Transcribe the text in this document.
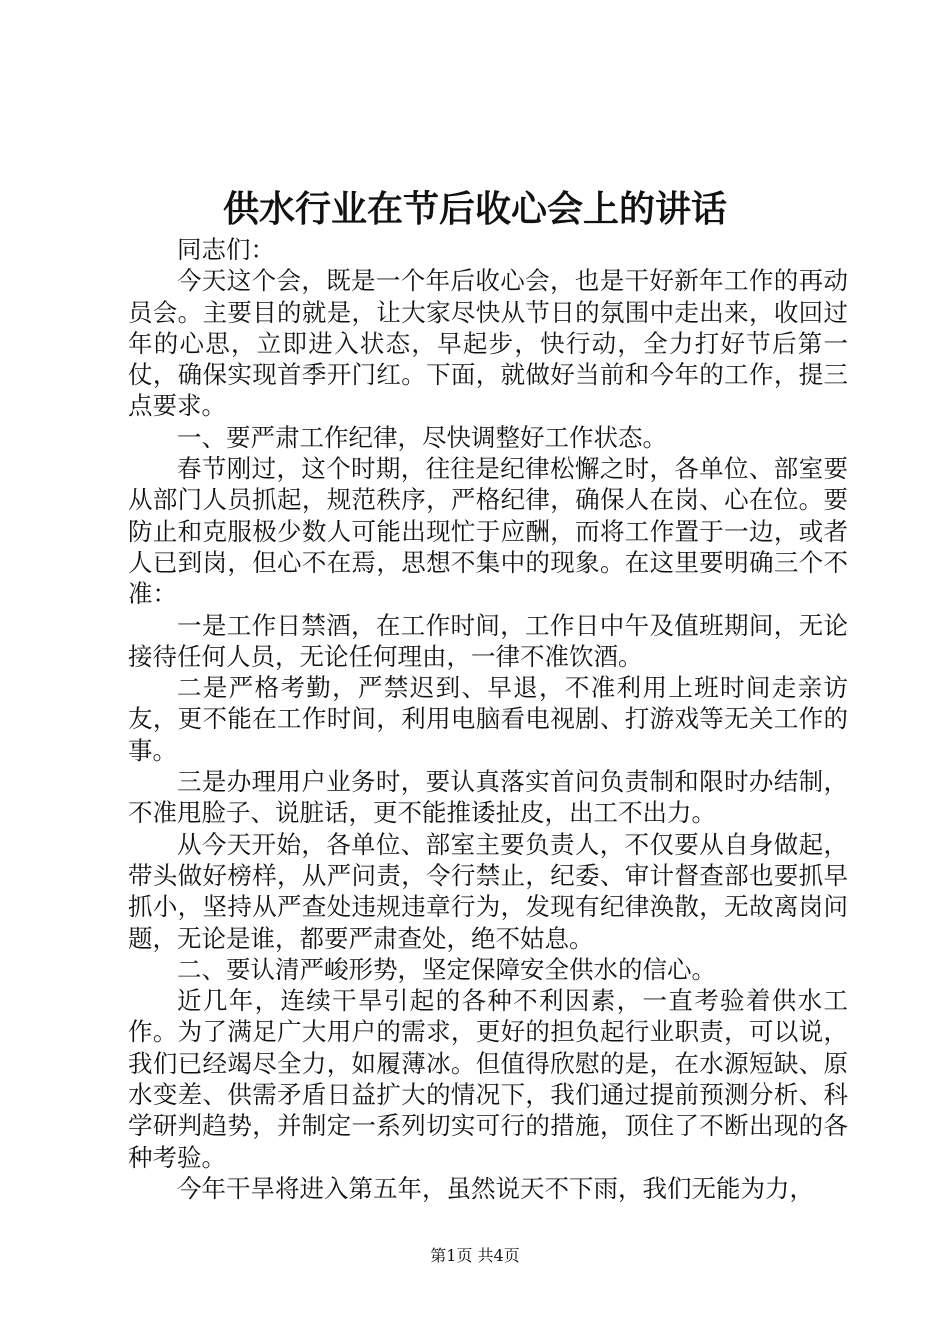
供水行业在节后收心会上的讲话

同志们：

今天这个会，既是一个年后收心会，也是干好新年工作的再动员会。主要目的就是，让大家尽快从节日的氛围中走出来，收回过年的心思，立即进入状态，早起步，快行动，全力打好节后第一仗，确保实现首季开门红。下面，就做好当前和今年的工作，提三点要求。

一、要严肃工作纪律，尽快调整好工作状态。

春节刚过，这个时期，往往是纪律松懈之时，各单位、部室要从部门人员抓起，规范秩序，严格纪律，确保人在岗、心在位。要防止和克服极少数人可能出现忙于应酬，而将工作置于一边，或者人已到岗，但心不在焉，思想不集中的现象。在这里要明确三个不准：

一是工作日禁酒，在工作时间，工作日中午及值班期间，无论接待任何人员，无论任何理由，一律不准饮酒。

二是严格考勤，严禁迟到、早退，不准利用上班时间走亲访友，更不能在工作时间，利用电脑看电视剧、打游戏等无关工作的事。

三是办理用户业务时，要认真落实首问负责制和限时办结制，不准甩脸子、说脏话，更不能推诿扯皮，出工不出力。

从今天开始，各单位、部室主要负责人，不仅要从自身做起，带头做好榜样，从严问责，令行禁止，纪委、审计督查部也要抓早抓小，坚持从严查处违规违章行为，发现有纪律涣散，无故离岗问题，无论是谁，都要严肃查处，绝不姑息。

二、要认清严峻形势，坚定保障安全供水的信心。

近几年，连续干旱引起的各种不利因素，一直考验着供水工作。为了满足广大用户的需求，更好的担负起行业职责，可以说，我们已经竭尽全力，如履薄冰。但值得欣慰的是，在水源短缺、原水变差、供需矛盾日益扩大的情况下，我们通过提前预测分析、科学研判趋势，并制定一系列切实可行的措施，顶住了不断出现的各种考验。

今年干旱将进入第五年，虽然说天不下雨，我们无能为力，

第1页 共4页
